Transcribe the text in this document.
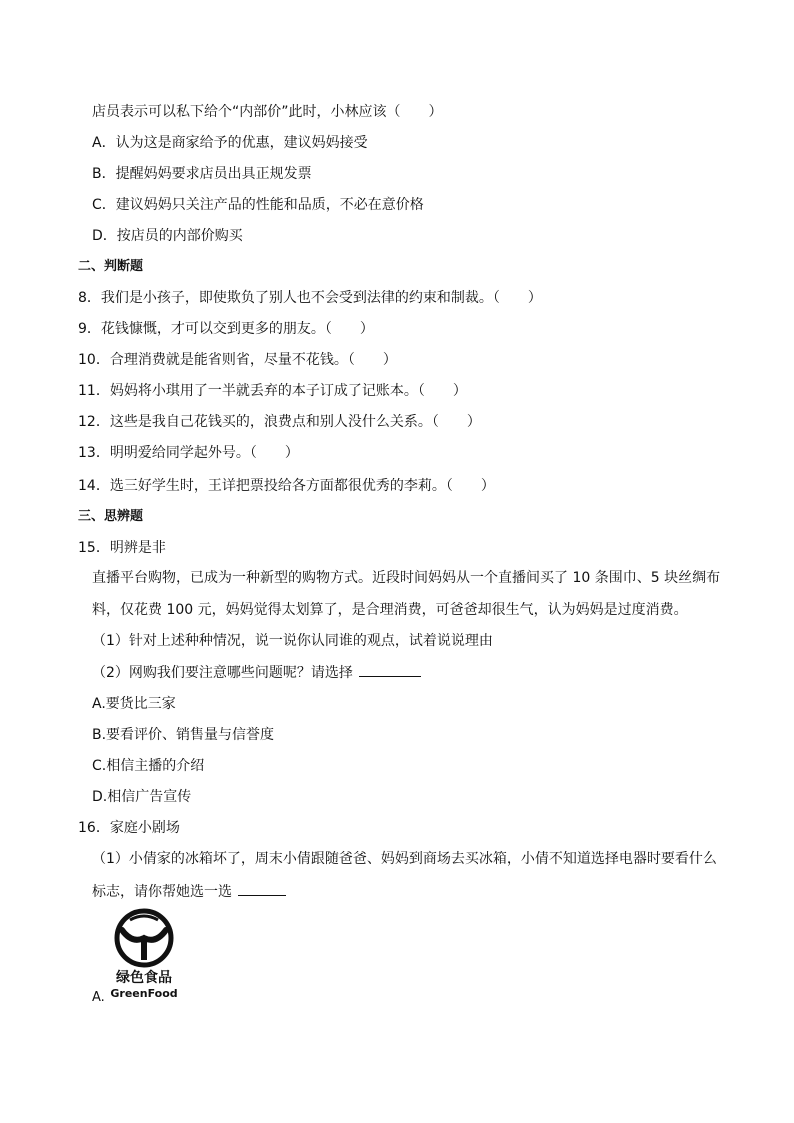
店员表示可以私下给个“内部价”此时，小林应该（　　）
A．认为这是商家给予的优惠，建议妈妈接受
B．提醒妈妈要求店员出具正规发票
C．建议妈妈只关注产品的性能和品质，不必在意价格
D．按店员的内部价购买
二、判断题
8．我们是小孩子，即使欺负了别人也不会受到法律的约束和制裁。（　　）
9．花钱慷慨，才可以交到更多的朋友。（　　）
10．合理消费就是能省则省，尽量不花钱。（　　）
11．妈妈将小琪用了一半就丢弃的本子订成了记账本。（　　）
12．这些是我自己花钱买的，浪费点和别人没什么关系。（　　）
13．明明爱给同学起外号。（　　）
14．选三好学生时，王详把票投给各方面都很优秀的李莉。（　　）
三、思辨题
15．明辨是非
直播平台购物，已成为一种新型的购物方式。近段时间妈妈从一个直播间买了 10 条围巾、5 块丝绸布
料，仅花费 100 元，妈妈觉得太划算了，是合理消费，可爸爸却很生气，认为妈妈是过度消费。
（1）针对上述种种情况，说一说你认同谁的观点，试着说说理由
（2）网购我们要注意哪些问题呢？请选择
A.要货比三家
B.要看评价、销售量与信誉度
C.相信主播的介绍
D.相信广告宣传
16．家庭小剧场
（1）小倩家的冰箱坏了，周末小倩跟随爸爸、妈妈到商场去买冰箱，小倩不知道选择电器时要看什么
标志，请你帮她选一选
绿色食品
GreenFood
A.
